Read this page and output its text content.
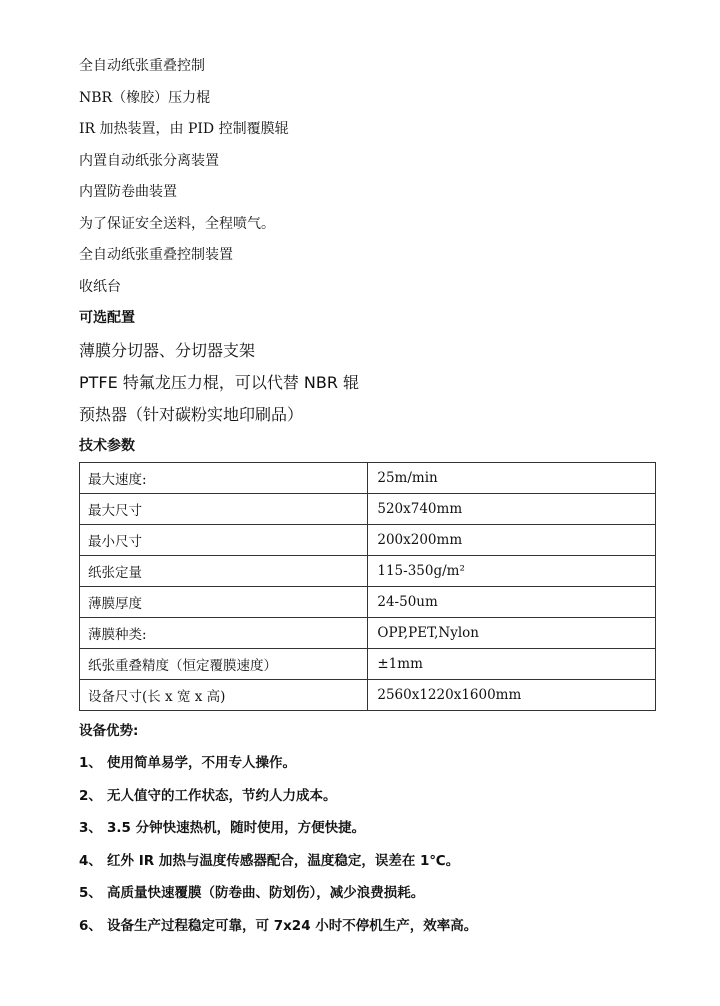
全自动纸张重叠控制
NBR（橡胶）压力棍
IR 加热装置，由 PID 控制覆膜辊
内置自动纸张分离装置
内置防卷曲装置
为了保证安全送料，全程喷气。
全自动纸张重叠控制装置
收纸台
可选配置
薄膜分切器、分切器支架
PTFE 特氟龙压力棍，可以代替 NBR 辊
预热器（针对碳粉实地印刷品）
技术参数
最大速度:	25m/min
最大尺寸	520x740mm
最小尺寸	200x200mm
纸张定量	115-350g/m²
薄膜厚度	24-50um
薄膜种类:	OPP,PET,Nylon
纸张重叠精度（恒定覆膜速度）	±1mm
设备尺寸(长 x 宽 x 高)	2560x1220x1600mm
设备优势:
1、 使用简单易学，不用专人操作。
2、 无人值守的工作状态，节约人力成本。
3、 3.5 分钟快速热机，随时使用，方便快捷。
4、 红外 IR 加热与温度传感器配合，温度稳定，误差在 1℃。
5、 高质量快速覆膜（防卷曲、防划伤），减少浪费损耗。
6、 设备生产过程稳定可靠，可 7x24 小时不停机生产，效率高。
